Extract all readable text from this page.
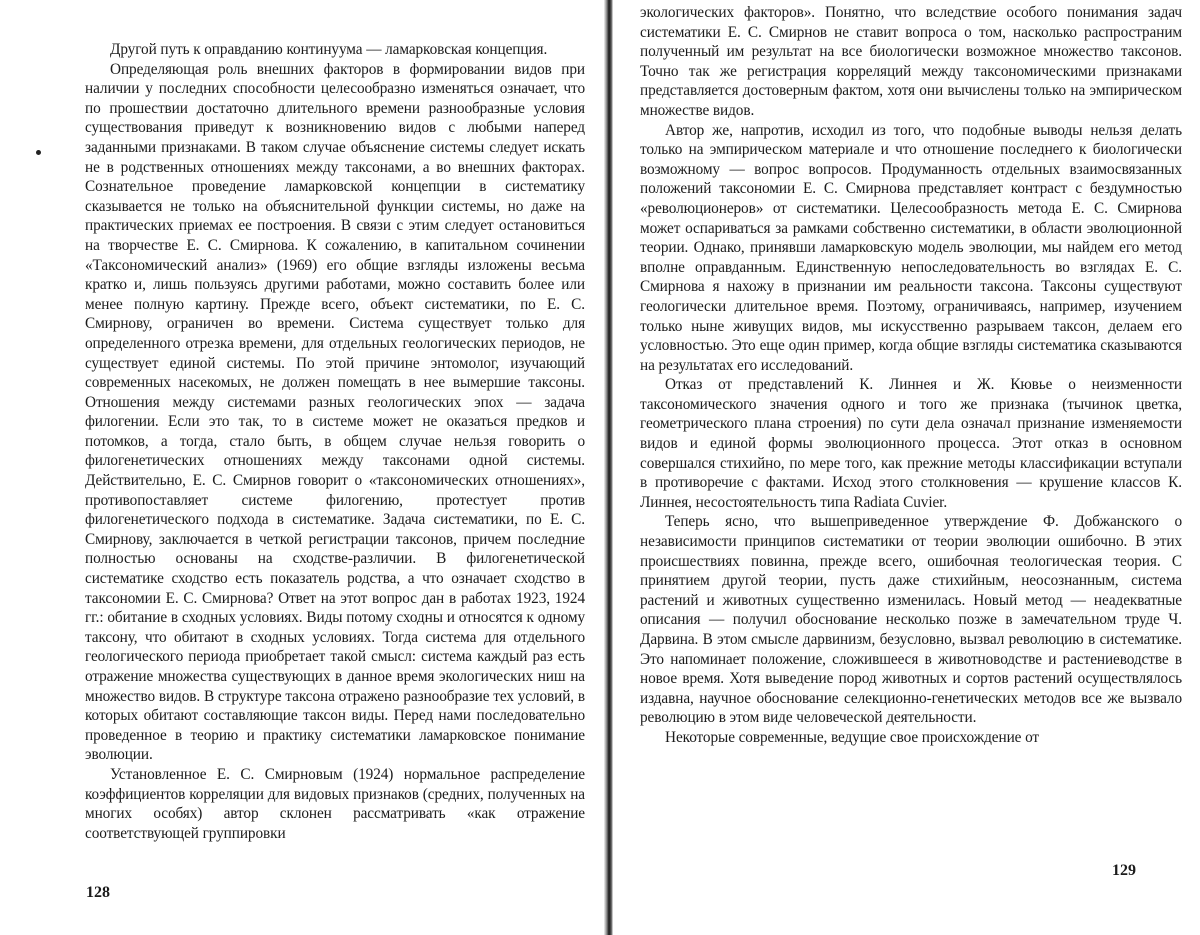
Другой путь к оправданию континуума — ламарковская концепция.

Определяющая роль внешних факторов в формировании видов при наличии у последних способности целесообразно изменяться означает, что по прошествии достаточно длительного времени разнообразные условия существования приведут к возникновению видов с любыми наперед заданными признаками. В таком случае объяснение системы следует искать не в родственных отношениях между таксонами, а во внешних факторах. Сознательное проведение ламарковской концепции в систематику сказывается не только на объяснительной функции системы, но даже на практических приемах ее построения. В связи с этим следует остановиться на творчестве Е. С. Смирнова. К сожалению, в капитальном сочинении «Таксономический анализ» (1969) его общие взгляды изложены весьма кратко и, лишь пользуясь другими работами, можно составить более или менее полную картину. Прежде всего, объект систематики, по Е. С. Смирнову, ограничен во времени. Система существует только для определенного отрезка времени, для отдельных геологических периодов, не существует единой системы. По этой причине энтомолог, изучающий современных насекомых, не должен помещать в нее вымершие таксоны. Отношения между системами разных геологических эпох — задача филогении. Если это так, то в системе может не оказаться предков и потомков, а тогда, стало быть, в общем случае нельзя говорить о филогенетических отношениях между таксонами одной системы. Действительно, Е. С. Смирнов говорит о «таксономических отношениях», противопоставляет системе филогению, протестует против филогенетического подхода в систематике. Задача систематики, по Е. С. Смирнову, заключается в четкой регистрации таксонов, причем последние полностью основаны на сходстве-различии. В филогенетической систематике сходство есть показатель родства, а что означает сходство в таксономии Е. С. Смирнова? Ответ на этот вопрос дан в работах 1923, 1924 гг.: обитание в сходных условиях. Виды потому сходны и относятся к одному таксону, что обитают в сходных условиях. Тогда система для отдельного геологического периода приобретает такой смысл: система каждый раз есть отражение множества существующих в данное время экологических ниш на множество видов. В структуре таксона отражено разнообразие тех условий, в которых обитают составляющие таксон виды. Перед нами последовательно проведенное в теорию и практику систематики ламарковское понимание эволюции.

Установленное Е. С. Смирновым (1924) нормальное распределение коэффициентов корреляции для видовых признаков (средних, полученных на многих особях) автор склонен рассматривать «как отражение соответствующей группировки

128

экологических факторов». Понятно, что вследствие особого понимания задач систематики Е. С. Смирнов не ставит вопроса о том, насколько распространим полученный им результат на все биологически возможное множество таксонов. Точно так же регистрация корреляций между таксономическими признаками представляется достоверным фактом, хотя они вычислены только на эмпирическом множестве видов.

Автор же, напротив, исходил из того, что подобные выводы нельзя делать только на эмпирическом материале и что отношение последнего к биологически возможному — вопрос вопросов. Продуманность отдельных взаимосвязанных положений таксономии Е. С. Смирнова представляет контраст с бездумностью «революционеров» от систематики. Целесообразность метода Е. С. Смирнова может оспариваться за рамками собственно систематики, в области эволюционной теории. Однако, принявши ламарковскую модель эволюции, мы найдем его метод вполне оправданным. Единственную непоследовательность во взглядах Е. С. Смирнова я нахожу в признании им реальности таксона. Таксоны существуют геологически длительное время. Поэтому, ограничиваясь, например, изучением только ныне живущих видов, мы искусственно разрываем таксон, делаем его условностью. Это еще один пример, когда общие взгляды систематика сказываются на результатах его исследований.

Отказ от представлений К. Линнея и Ж. Кювье о неизменности таксономического значения одного и того же признака (тычинок цветка, геометрического плана строения) по сути дела означал признание изменяемости видов и единой формы эволюционного процесса. Этот отказ в основном совершался стихийно, по мере того, как прежние методы классификации вступали в противоречие с фактами. Исход этого столкновения — крушение классов К. Линнея, несостоятельность типа Radiata Cuvier.

Теперь ясно, что вышеприведенное утверждение Ф. Добжанского о независимости принципов систематики от теории эволюции ошибочно. В этих происшествиях повинна, прежде всего, ошибочная теологическая теория. С принятием другой теории, пусть даже стихийным, неосознанным, система растений и животных существенно изменилась. Новый метод — неадекватные описания — получил обоснование несколько позже в замечательном труде Ч. Дарвина. В этом смысле дарвинизм, безусловно, вызвал революцию в систематике. Это напоминает положение, сложившееся в животноводстве и растениеводстве в новое время. Хотя выведение пород животных и сортов растений осуществлялось издавна, научное обоснование селекционно-генетических методов все же вызвало революцию в этом виде человеческой деятельности.

Некоторые современные, ведущие свое происхождение от

129
